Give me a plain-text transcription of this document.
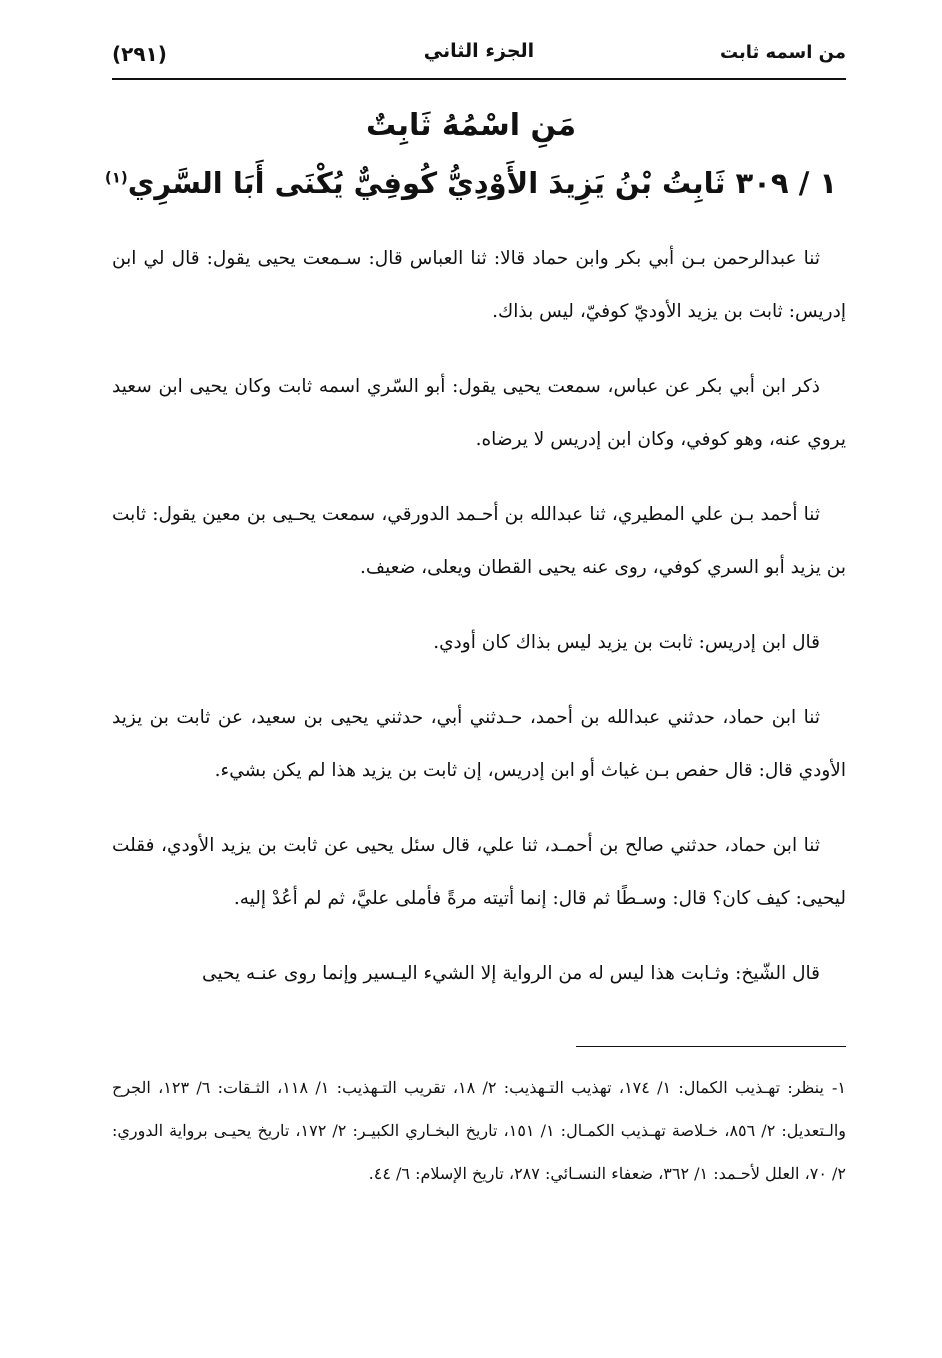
من اسمه ثابت
الجزء الثاني
(٢٩١)
مَنِ اسْمُهُ ثَابِتٌ
١ / ٣٠٩ ثَابِتُ بْنُ يَزِيدَ الأَوْدِيُّ كُوفِيٌّ يُكْنَى أَبَا السَّرِي$^{(١)}$

ثنا عبدالرحمن بـن أبي بكر وابن حماد قالا: ثنا العباس قال: سـمعت يحيى يقول: قال لي ابن إدريس: ثابت بن يزيد الأوديّ كوفيّ، ليس بذاك.

ذكر ابن أبي بكر عن عباس، سمعت يحيى يقول: أبو السّري اسمه ثابت وكان يحيى ابن سعيد يروي عنه، وهو كوفي، وكان ابن إدريس لا يرضاه.

ثنا أحمد بـن علي المطيري، ثنا عبدالله بن أحـمد الدورقي، سمعت يحـيى بن معين يقول: ثابت بن يزيد أبو السري كوفي، روى عنه يحيى القطان ويعلى، ضعيف.

قال ابن إدريس: ثابت بن يزيد ليس بذاك كان أودي.

ثنا ابن حماد، حدثني عبدالله بن أحمد، حـدثني أبي، حدثني يحيى بن سعيد، عن ثابت بن يزيد الأودي قال: قال حفص بـن غياث أو ابن إدريس، إن ثابت بن يزيد هذا لم يكن بشيء.

ثنا ابن حماد، حدثني صالح بن أحمـد، ثنا علي، قال سئل يحيى عن ثابت بن يزيد الأودي، فقلت ليحيى: كيف كان؟ قال: وسـطًا ثم قال: إنما أتيته مرةً فأملى عليَّ، ثم لم أعُدْ إليه.

قال الشّيخ: وثـابت هذا ليس له من الرواية إلا الشيء اليـسير وإنما روى عنـه يحيى

١-ينظر: تهـذيب الكمال: ١/ ١٧٤، تهذيب التـهذيب: ٢/ ١٨، تقريب التـهذيب: ١/ ١١٨، الثـقات: ٦/ ١٢٣، الجرح والـتعديل: ٢/ ٨٥٦، خـلاصة تهـذيب الكمـال: ١/ ١٥١، تاريخ البخـاري الكبيـر: ٢/ ١٧٢، تاريخ يحيـى برواية الدوري: ٢/ ٧٠، العلل لأحـمد: ١/ ٣٦٢، ضعفاء النسـائي: ٢٨٧، تاريخ الإسلام: ٦/ ٤٤.
